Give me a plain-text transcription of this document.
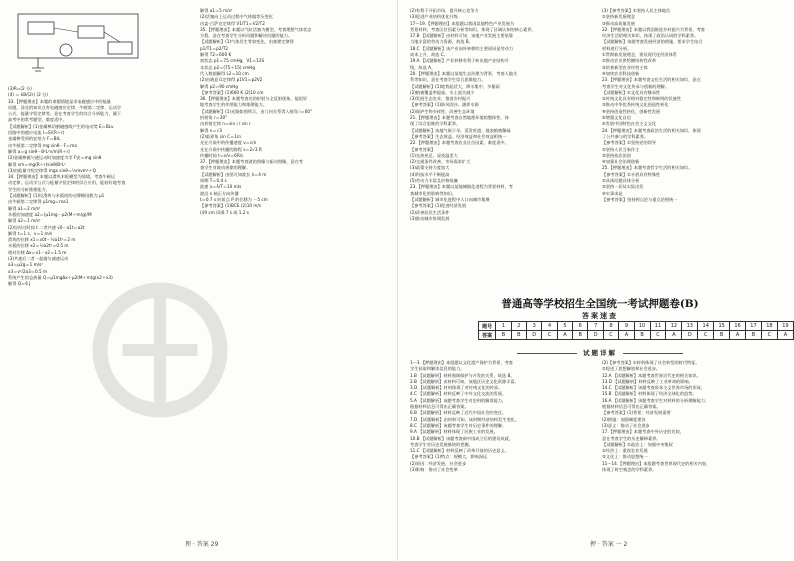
(3)R=(2 分)

(4) ＝ kB/(2r) (2 分)

33.【押题理由】本题的命题情境是求电磁感应中的能量

问题，涉及的知识点有电磁感应定律、牛顿第二定律、运动学

公式、能量守恒定律等，意在考查学生的综合分析能力，属于

高考中的常考题型，难度适中。

【试题解析】(1)金属棒切割磁感线产生的电动势 E＝BLv

回路中的感应电流 I＝E/(R＋r)

金属棒受到的安培力 F＝BIL

由牛顿第二定律得 mg sinθ－F＝ma

解得 a＝g sinθ－B²L²v/m(R＋r)

(2)金属棒做匀速运动时加速度为零 F安＝mg sinθ

解得 vm＝mg(R＋r)sinθ/B²L²

(3)由能量守恒定律得 mgx sinθ＝½mvm²＋Q

34.【押题理由】本题以滑块木板模型为情境，考查牛顿运

动定律、运动学公式与能量守恒定律的综合应用，能较好地考查

学生的分析推理能力。

【试题解析】(1)设滑块与木板间的动摩擦因数为 μ1

由牛顿第二定律得 μ1mg＝ma1

解得 a1＝2 m/s²

木板的加速度 a2＝(μ1mg－μ2(M＋m)g)/M

解得 a2＝1 m/s²

(2)设经过时间 t 二者共速 v0－a1t＝a2t

解得 t＝1 s，v＝1 m/s

滑块的位移 x1＝v0t－½a1t²＝2 m

木板的位移 x2＝½a2t²＝0.5 m

相对位移 Δx＝x1－x2＝1.5 m

(3)共速后二者一起做匀减速运动

a3＝μ2g＝1 m/s²

x3＝v²/2a3＝0.5 m

系统产生的总热量 Q＝μ1mgΔx＋μ2(M＋m)g(x2＋x3)

解得 Q＝6 J

解得 a1＝5 m/s²

(2)活塞向上运动过程中气体做等压变化

由盖-吕萨克定律得 V1/T1＝V2/T2

35.【押题理由】本题以气缸活塞为模型，考查理想气体状态

方程，意在考查学生分析问题和解决问题的能力。

【试题解析】(1)气体发生等容变化，由查理定律得

p1/T1＝p2/T2

解得 T2＝600 K

初状态 p1＝75 cmHg，V1＝12S

末状态 p2＝(75＋15) cmHg

代入数据解得 L2＝10 cm

(2)由玻意耳定律得 p1V1＝p2V2

解得 p2＝90 cmHg

【参考答案】(1)600 K (2)10 cm

36.【押题理由】本题考查光的折射与全反射现象，能很好

地考查学生的作图能力和推理能力。

【试题解析】(1)光路如图所示，由几何关系得入射角 i＝60°

折射角 r＝30°

由折射定律 n＝sin i / sin r

解得 n＝√3

(2)临界角 sin C＝1/n

光在介质中的传播速度 v＝c/n

光在介质中传播的路程 s＝2√3 R

传播时间 t＝s/v＝6R/c

37.【押题理由】本题考查波的图像与振动图像，意在考

查学生对波动规律的理解。

【试题解析】由图可知波长 λ＝4 m

周期 T＝0.4 s

波速 v＝λ/T＝10 m/s

波沿 x 轴正方向传播

t＝0.7 s 时质点 P 的位移为 －5 cm

【参考答案】(1)BCE (2)10 m/s

(i)9 cm (ii)0.7 s 或 1.2 s

理 · 答案 29

(2)有利于开拓市场，提升核心竞争力

(3)促进产业结构优化升级

17～19.【押题理由】本组题以我国某地特色产业发展为

背景材料，考查区位因素分析等知识，体现了区域认知的核心素养。

17.B 【试题解析】由材料可知，该地产业发展主要依靠

当地丰富的劳动力资源，故选 B。

18.C 【试题解析】该产业向外转移的主要原因是劳动力

成本上升，故选 C。

19.A 【试题解析】产业转移有利于转出地产业结构升

级，故选 A。

20.【押题理由】本题以某地生态治理为背景，考查人地关

系等知识，意在考查学生综合思维能力。

【试题解析】(1)地势起伏大，降水集中，多暴雨

(2)植被覆盖率提高，水土流失减少

(3)发展生态农业，推进乡村振兴

【参考答案】(1)防风固沙，涵养水源

(2)保护生物多样性，改善生态环境

21.【押题理由】本题考查自然地理环境的整体性，体

现了综合思维的学科素养。

【试题解析】该地气候干旱，蒸发旺盛，地表植被稀疏

【参考答案】生态效益、经济效益和社会效益相统一

22.【押题理由】本题考查农业区位因素，难度适中。

【参考答案】

(1)光热充足，昼夜温差大

(2)交通条件改善，市场需求扩大

(3)政策支持力度加大

(4)科技水平不断提高

(5)劳动力丰富且价格低廉

23.【押题理由】本题以某地城镇化进程为背景材料，考

查城市化的影响等知识。

【试题解析】城市化进程中人口向城市集聚

【参考答案】(1)促进经济发展

(2)改善居民生活条件

(3)推动城乡协调发展

(3)【参考答案】①坚持人民主体地位

②坚持新发展理念

③推动高质量发展

22.【押题理由】本题以我国推进乡村振兴为背景，考查

经济生活的相关知识，体现了政治认同的学科素养。

【试题解析】该题考查发展经济的措施，要求学生结合

材料进行分析。

①贯彻新发展理念，建设现代化经济体系

②推动农业供给侧结构性改革

③培育新型农业经营主体

④加快农业科技创新

23.【押题理由】本题考查文化生活的相关知识，意在

考查学生对文化传承与创新的理解。

【试题解析】①文化具有继承性

②传统文化具有相对稳定性和鲜明的民族性

③推动中华优秀传统文化创造性转化

④坚持创造性转化、创新性发展

⑤增强文化自信

⑥发展中国特色社会主义文化

24.【押题理由】本题考查政治生活的相关知识，体现

了公共参与的学科素养。

【参考答案】①坚持党的领导

②坚持人民当家作主

③坚持依法治国

④加强社会治理创新

25.【押题理由】本题考查哲学生活的相关知识。

【参考答案】①矛盾具有特殊性

②具体问题具体分析

③坚持一切从实际出发

④实事求是

【参考答案】坚持两点论与重点论相统一

普通高等学校招生全国统一考试押题卷(B)
答案速查
题号	1	2	3	4	5	6	7	8	9	10	11	12	13	14	15	16	17	18	19
答案	B	B	D	C	A	B	D	C	A	B	C	A	D	C	B	A	B	C	A
试题详解

1～3.【押题理由】本组题以文化遗产保护为背景，考查

学生获取和解读信息的能力。

1.B 【试题解析】材料强调保护与开发的关系，故选 B。

2.B 【试题解析】由材料可知，该地区历史文化资源丰富。

3.D 【试题解析】材料体现了对传统文化的传承。

4.C 【试题解析】材料反映了中外文化交流的发展。

5.A 【试题解析】该题考查学生对史料的解读能力，

根据材料信息可得出正确答案。

6.B 【试题解析】材料反映了近代中国社会的变迁。

7.D 【试题解析】由材料可知，该时期经济结构发生变化。

8.C 【试题解析】该题考查学生对历史事件的理解。

9.A 【试题解析】材料体现了民族工业的发展。

10.B 【试题解析】该题考查新中国成立后的建设成就，

考查学生对历史发展脉络的把握。

11.C 【试题解析】材料反映了改革开放的历史意义。

【参考答案】(1)特点：规模大，影响深远

(2)原因：经济发展，社会进步

(3)影响：推动了社会变革

(2)【参考答案】①材料体现了社会转型的时代特征。

②促进了思想解放和社会进步。

12.A 【试题解析】本题考查世界近代史的相关知识。

13.D 【试题解析】材料反映了工业革命的影响。

14.C 【试题解析】该题考查资本主义世界市场的形成。

15.B 【试题解析】材料体现了经济全球化的趋势。

16.A 【试题解析】该题考查学生对材料的分析理解能力，

根据材料信息可得出正确答案。

【参考答案】(1)背景：经济发展需要

(2)措施：加强制度建设

(3)意义：推动了社会进步

17.【押题理由】本题考查中外历史的比较，

意在考查学生的历史解释素养。

【试题解析】①政治上：加强中央集权

②经济上：重视农业发展

③文化上：推动思想统一

11～14.【押题理由】本组题考查世界现代史的相关内容，

体现了时空观念的学科素养。

押 · 答案 一 2
